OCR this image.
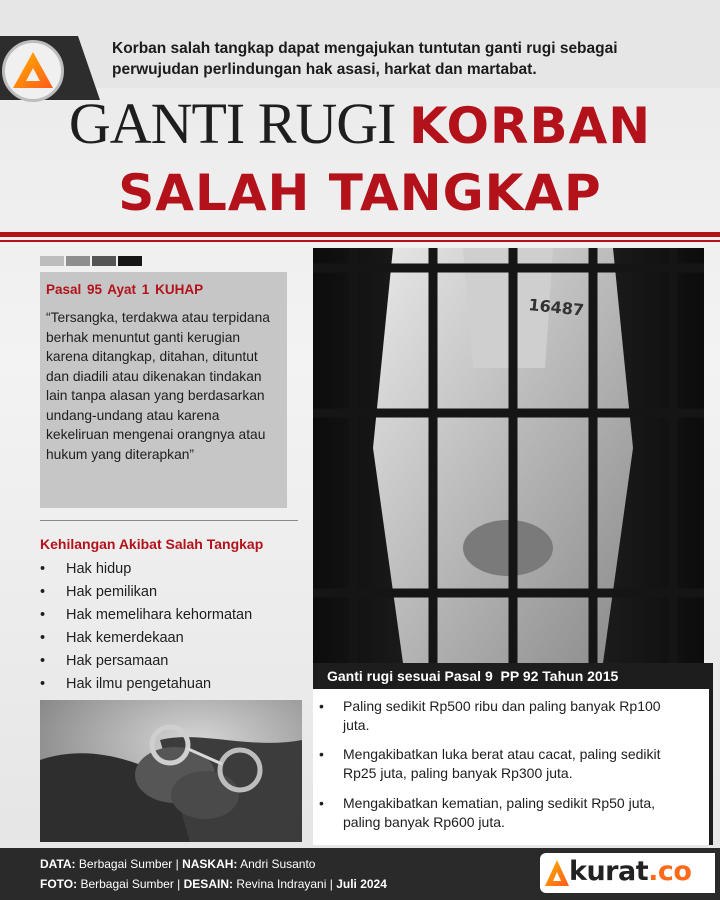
Korban salah tangkap dapat mengajukan tuntutan ganti rugi sebagai perwujudan perlindungan hak asasi, harkat dan martabat.
GANTI RUGI KORBAN
SALAH TANGKAP
Pasal 95 Ayat 1 KUHAP
“Tersangka, terdakwa atau terpidana berhak menuntut ganti kerugian karena ditangkap, ditahan, dituntut dan diadili atau dikenakan tindakan lain tanpa alasan yang berdasarkan undang-undang atau karena kekeliruan mengenai orangnya atau hukum yang diterapkan”
Kehilangan Akibat Salah Tangkap
•	Hak hidup
•	Hak pemilikan
•	Hak memelihara kehormatan
•	Hak kemerdekaan
•	Hak persamaan
•	Hak ilmu pengetahuan
16487
Ganti rugi sesuai Pasal 9  PP 92 Tahun 2015
•	Paling sedikit Rp500 ribu dan paling banyak Rp100 juta.
•	Mengakibatkan luka berat atau cacat, paling sedikit Rp25 juta, paling banyak Rp300 juta.
•	Mengakibatkan kematian, paling sedikit Rp50 juta, paling banyak Rp600 juta.
DATA: Berbagai Sumber | NASKAH: Andri Susanto
FOTO: Berbagai Sumber | DESAIN: Revina Indrayani | Juli 2024	kurat.co
